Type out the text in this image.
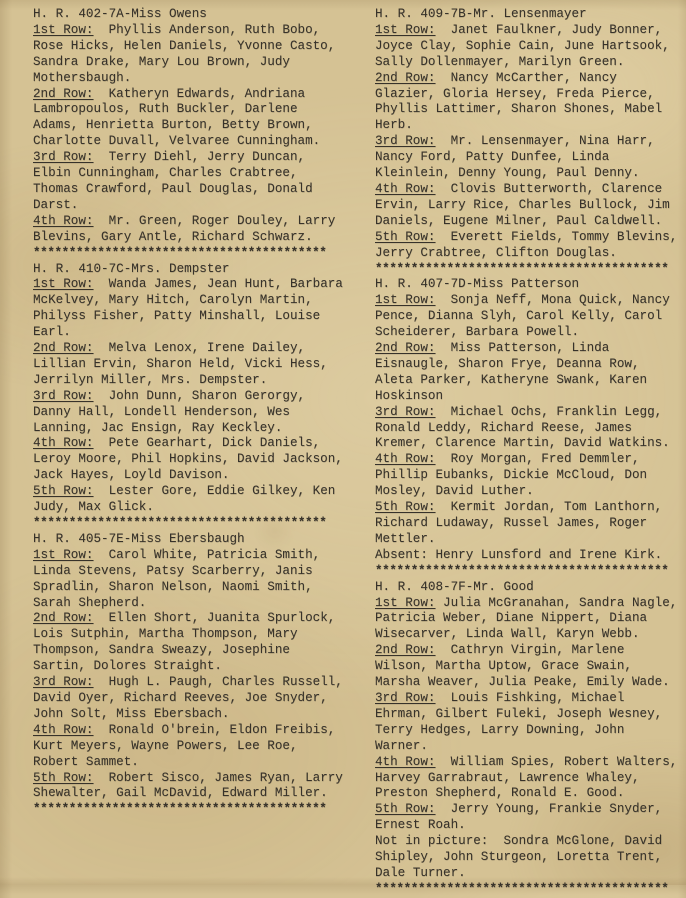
H. R. 402-7A-Miss Owens

1st Row:  Phyllis Anderson, Ruth Bobo, Rose Hicks, Helen Daniels, Yvonne Casto, Sandra Drake, Mary Lou Brown, Judy Mothersbaugh.

2nd Row:  Katheryn Edwards, Andriana Lambropoulos, Ruth Buckler, Darlene Adams, Henrietta Burton, Betty Brown, Charlotte Duvall, Velvaree Cunningham.

3rd Row:  Terry Diehl, Jerry Duncan, Elbin Cunningham, Charles Crabtree, Thomas Crawford, Paul Douglas, Donald Darst.

4th Row:  Mr. Green, Roger Douley, Larry Blevins, Gary Antle, Richard Schwarz.

*****************************************

H. R. 410-7C-Mrs. Dempster

1st Row:  Wanda James, Jean Hunt, Barbara McKelvey, Mary Hitch, Carolyn Martin, Philyss Fisher, Patty Minshall, Louise Earl.

2nd Row:  Melva Lenox, Irene Dailey, Lillian Ervin, Sharon Held, Vicki Hess, Jerrilyn Miller, Mrs. Dempster.

3rd Row:  John Dunn, Sharon Gerorgy, Danny Hall, Londell Henderson, Wes Lanning, Jac Ensign, Ray Keckley.

4th Row:  Pete Gearhart, Dick Daniels, Leroy Moore, Phil Hopkins, David Jackson, Jack Hayes, Loyld Davison.

5th Row:  Lester Gore, Eddie Gilkey, Ken Judy, Max Glick.

*****************************************

H. R. 405-7E-Miss Ebersbaugh

1st Row:  Carol White, Patricia Smith, Linda Stevens, Patsy Scarberry, Janis Spradlin, Sharon Nelson, Naomi Smith, Sarah Shepherd.

2nd Row:  Ellen Short, Juanita Spurlock, Lois Sutphin, Martha Thompson, Mary Thompson, Sandra Sweazy, Josephine Sartin, Dolores Straight.

3rd Row:  Hugh L. Paugh, Charles Russell, David Oyer, Richard Reeves, Joe Snyder, John Solt, Miss Ebersbach.

4th Row:  Ronald O'brein, Eldon Freibis, Kurt Meyers, Wayne Powers, Lee Roe, Robert Sammet.

5th Row:  Robert Sisco, James Ryan, Larry Shewalter, Gail McDavid, Edward Miller.

*****************************************

H. R. 409-7B-Mr. Lensenmayer

1st Row:  Janet Faulkner, Judy Bonner, Joyce Clay, Sophie Cain, June Hartsook, Sally Dollenmayer, Marilyn Green.

2nd Row:  Nancy McCarther, Nancy Glazier, Gloria Hersey, Freda Pierce, Phyllis Lattimer, Sharon Shones, Mabel Herb.

3rd Row:  Mr. Lensenmayer, Nina Harr, Nancy Ford, Patty Dunfee, Linda Kleinlein, Denny Young, Paul Denny.

4th Row:  Clovis Butterworth, Clarence Ervin, Larry Rice, Charles Bullock, Jim Daniels, Eugene Milner, Paul Caldwell.

5th Row:  Everett Fields, Tommy Blevins, Jerry Crabtree, Clifton Douglas.

*****************************************

H. R. 407-7D-Miss Patterson

1st Row:  Sonja Neff, Mona Quick, Nancy Pence, Dianna Slyh, Carol Kelly, Carol Scheiderer, Barbara Powell.

2nd Row:  Miss Patterson, Linda Eisnaugle, Sharon Frye, Deanna Row, Aleta Parker, Katheryne Swank, Karen Hoskinson

3rd Row:  Michael Ochs, Franklin Legg, Ronald Leddy, Richard Reese, James Kremer, Clarence Martin, David Watkins.

4th Row:  Roy Morgan, Fred Demmler, Phillip Eubanks, Dickie McCloud, Don Mosley, David Luther.

5th Row:  Kermit Jordan, Tom Lanthorn, Richard Ludaway, Russel James, Roger Mettler.

Absent: Henry Lunsford and Irene Kirk.

*****************************************

H. R. 408-7F-Mr. Good

1st Row: Julia McGranahan, Sandra Nagle, Patricia Weber, Diane Nippert, Diana Wisecarver, Linda Wall, Karyn Webb.

2nd Row:  Cathryn Virgin, Marlene Wilson, Martha Uptow, Grace Swain, Marsha Weaver, Julia Peake, Emily Wade.

3rd Row:  Louis Fishking, Michael Ehrman, Gilbert Fuleki, Joseph Wesney, Terry Hedges, Larry Downing, John Warner.

4th Row:  William Spies, Robert Walters, Harvey Garrabraut, Lawrence Whaley, Preston Shepherd, Ronald E. Good.

5th Row:  Jerry Young, Frankie Snyder, Ernest Roah.

Not in picture:  Sondra McGlone, David Shipley, John Sturgeon, Loretta Trent, Dale Turner.

*****************************************
